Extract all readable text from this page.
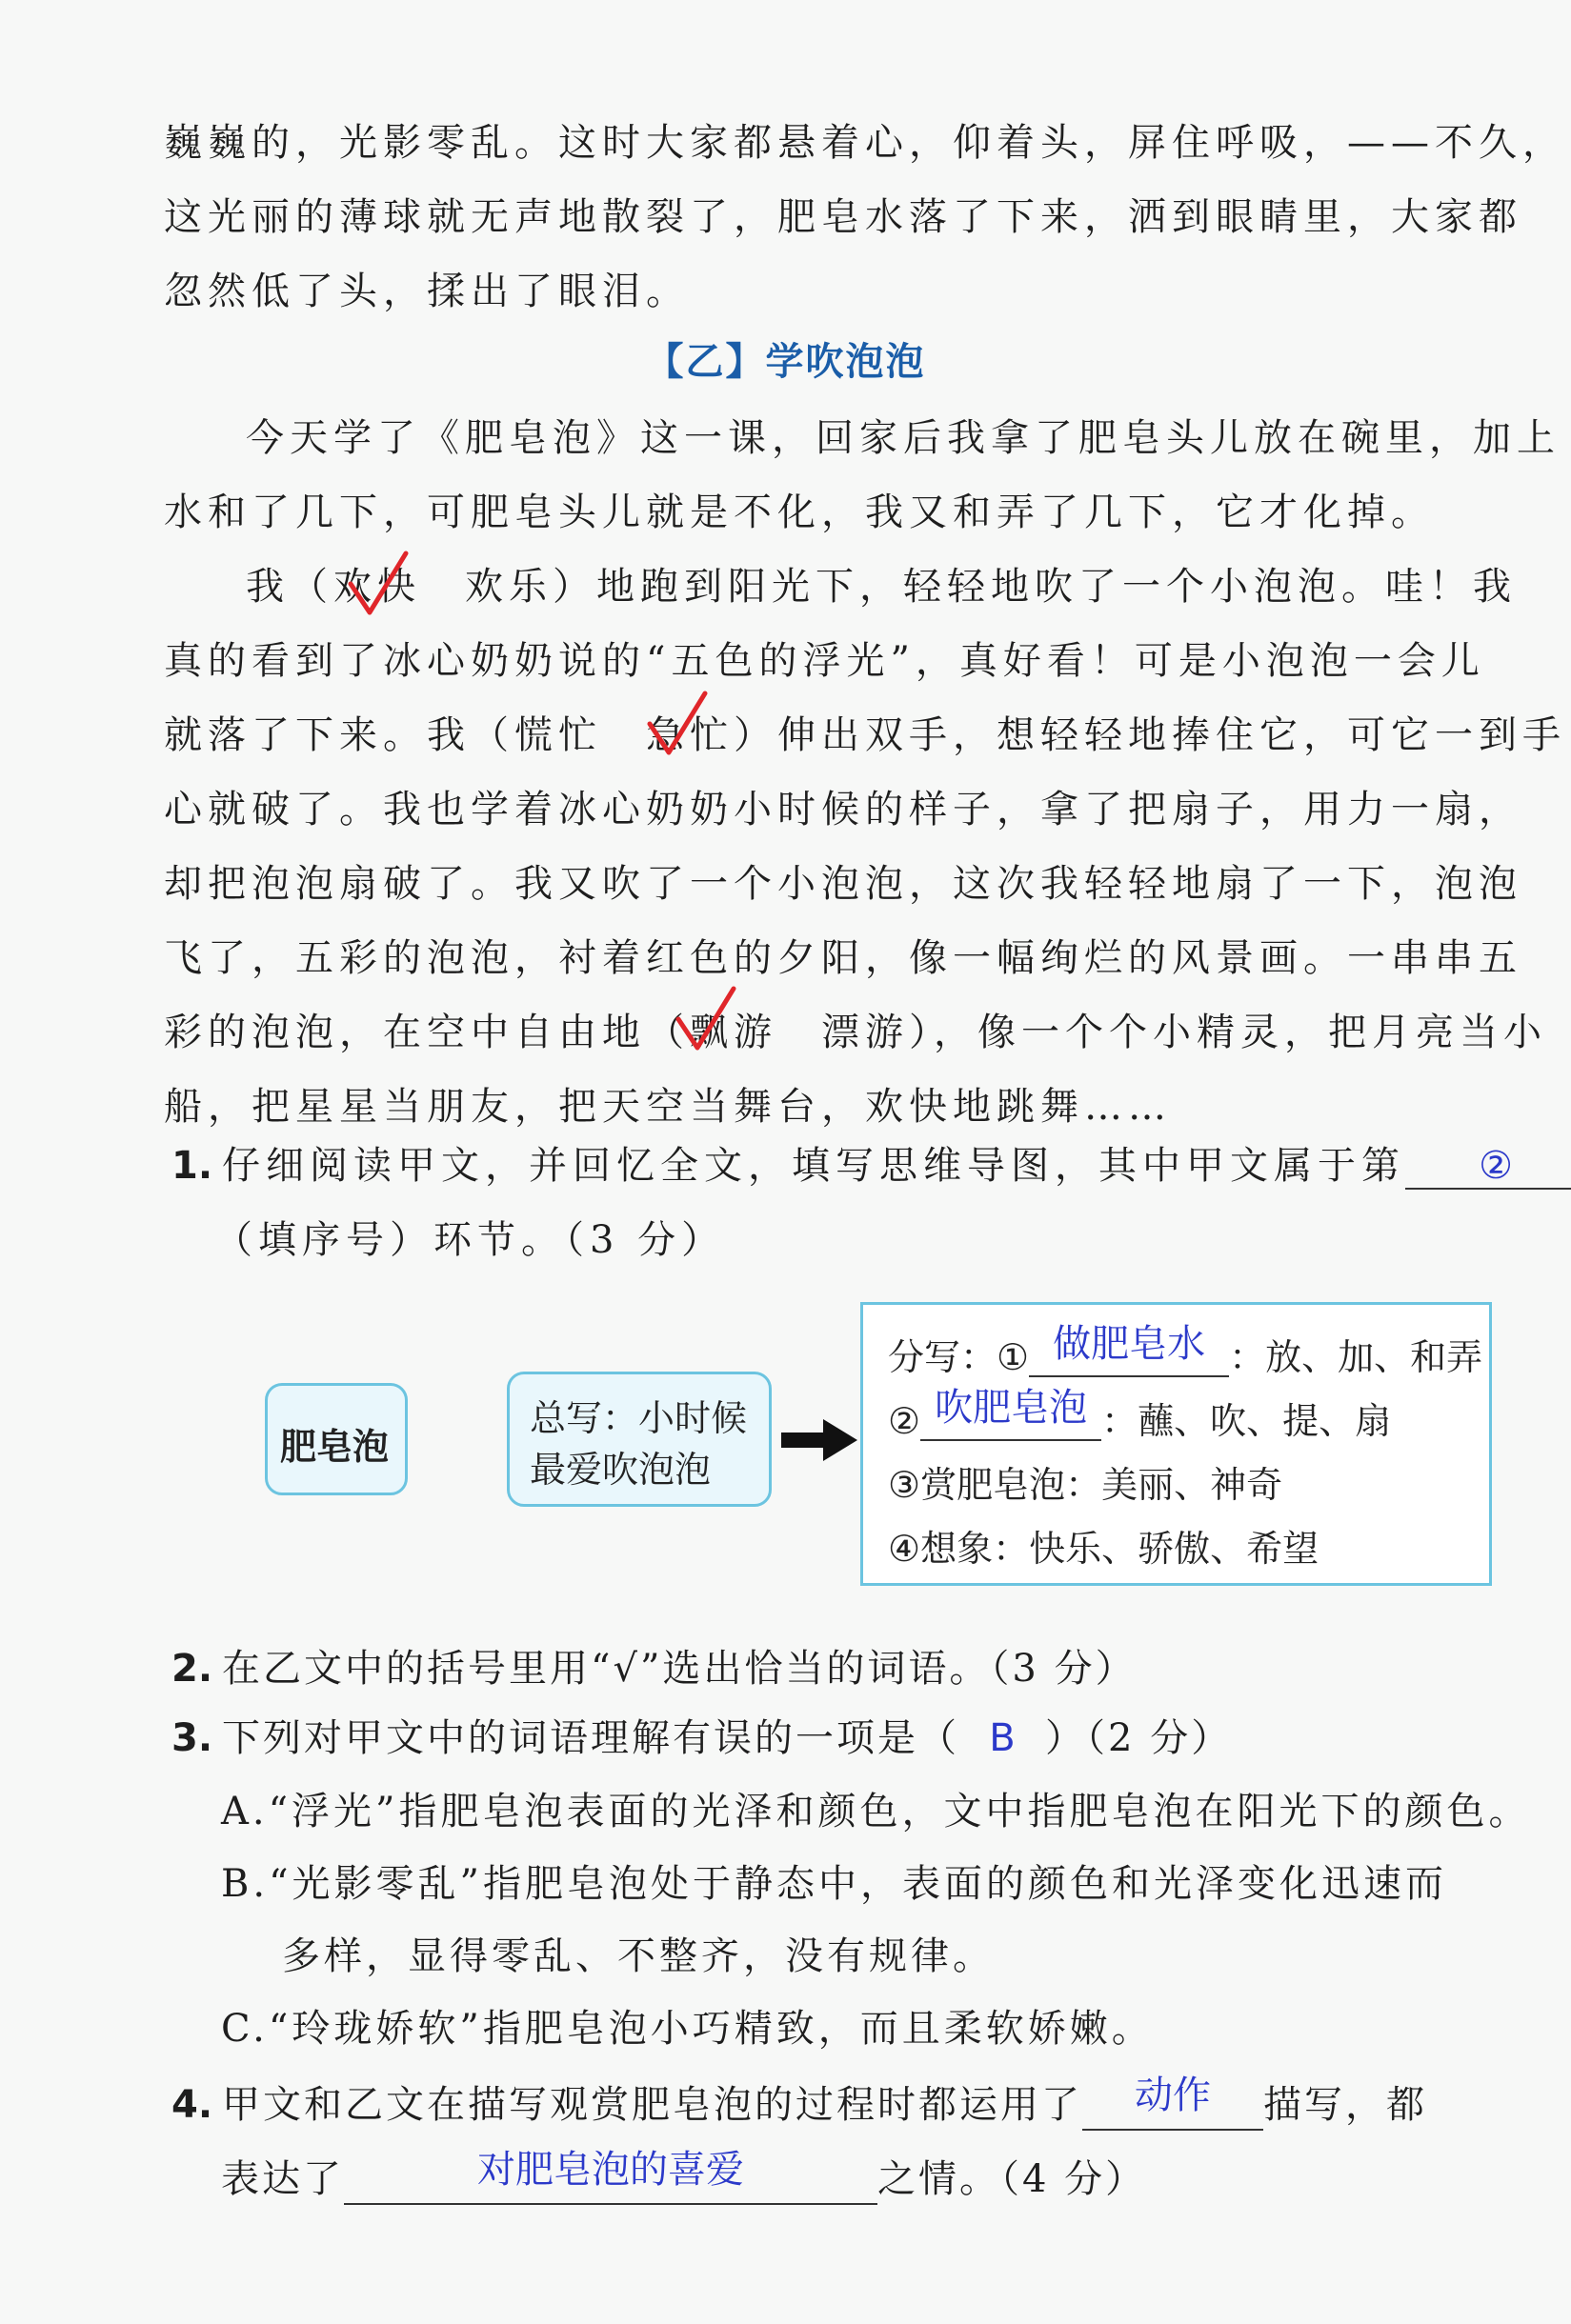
巍巍的，光影零乱。这时大家都悬着心，仰着头，屏住呼吸，——不久，
这光丽的薄球就无声地散裂了，肥皂水落了下来，洒到眼睛里，大家都
忽然低了头，揉出了眼泪。
【乙】学吹泡泡
今天学了《肥皂泡》这一课，回家后我拿了肥皂头儿放在碗里，加上
水和了几下，可肥皂头儿就是不化，我又和弄了几下，它才化掉。
我（欢快　欢乐）地跑到阳光下，轻轻地吹了一个小泡泡。哇！我
真的看到了冰心奶奶说的“五色的浮光”，真好看！可是小泡泡一会儿
就落了下来。我（慌忙　急忙）伸出双手，想轻轻地捧住它，可它一到手
心就破了。我也学着冰心奶奶小时候的样子，拿了把扇子，用力一扇，
却把泡泡扇破了。我又吹了一个小泡泡，这次我轻轻地扇了一下，泡泡
飞了，五彩的泡泡，衬着红色的夕阳，像一幅绚烂的风景画。一串串五
彩的泡泡，在空中自由地（飘游　漂游），像一个个小精灵，把月亮当小
船，把星星当朋友，把天空当舞台，欢快地跳舞……
1. 仔细阅读甲文，并回忆全文，填写思维导图，其中甲文属于第 ②
（填序号）环节。（3 分）
肥皂泡
总写：小时候
最爱吹泡泡
分写：① 做肥皂水 ：放、加、和弄
② 吹肥皂泡 ：蘸、吹、提、扇
③赏肥皂泡：美丽、神奇
④想象：快乐、骄傲、希望
2. 在乙文中的括号里用“√”选出恰当的词语。（3 分）
3. 下列对甲文中的词语理解有误的一项是（ B ）（2 分）
A.“浮光”指肥皂泡表面的光泽和颜色，文中指肥皂泡在阳光下的颜色。
B.“光影零乱”指肥皂泡处于静态中，表面的颜色和光泽变化迅速而
多样，显得零乱、不整齐，没有规律。
C.“玲珑娇软”指肥皂泡小巧精致，而且柔软娇嫩。
4. 甲文和乙文在描写观赏肥皂泡的过程时都运用了 动作 描写，都
表达了	对肥皂泡的喜爱	之情。（4 分）
